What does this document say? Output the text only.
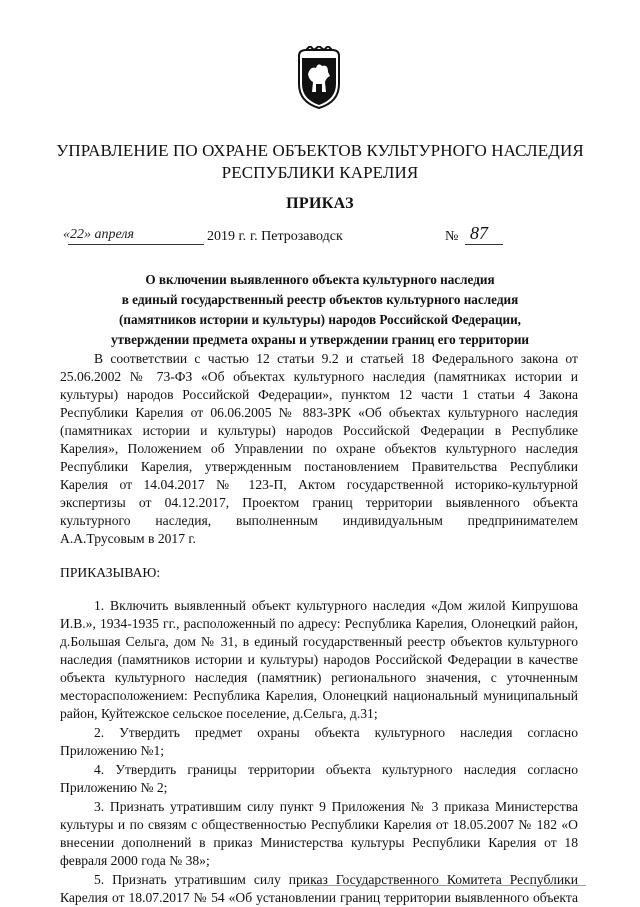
УПРАВЛЕНИЕ ПО ОХРАНЕ ОБЪЕКТОВ КУЛЬТУРНОГО НАСЛЕДИЯ
РЕСПУБЛИКИ КАРЕЛИЯ
ПРИКАЗ
«22» апреля	2019 г. г. Петрозаводск	№ 87
О включении выявленного объекта культурного наследия
в единый государственный реестр объектов культурного наследия
(памятников истории и культуры) народов Российской Федерации,
утверждении предмета охраны и утверждении границ его территории
В соответствии с частью 12 статьи 9.2 и статьей 18 Федерального закона от
25.06.2002 № 73-ФЗ «Об объектах культурного наследия (памятниках истории и
культуры) народов Российской Федерации», пунктом 12 части 1 статьи 4 Закона
Республики Карелия от 06.06.2005 № 883-ЗРК «Об объектах культурного наследия
(памятниках истории и культуры) народов Российской Федерации в Республике
Карелия», Положением об Управлении по охране объектов культурного наследия
Республики Карелия, утвержденным постановлением Правительства Республики
Карелия от 14.04.2017 № 123-П, Актом государственной историко-культурной
экспертизы от 04.12.2017, Проектом границ территории выявленного объекта
культурного наследия, выполненным индивидуальным предпринимателем
А.А.Трусовым в 2017 г.
ПРИКАЗЫВАЮ:
1. Включить выявленный объект культурного наследия «Дом жилой Кипрушова
И.В.», 1934-1935 гг., расположенный по адресу: Республика Карелия, Олонецкий район,
д.Большая Сельга, дом № 31, в единый государственный реестр объектов культурного
наследия (памятников истории и культуры) народов Российской Федерации в качестве
объекта культурного наследия (памятник) регионального значения, с уточненным
месторасположением: Республика Карелия, Олонецкий национальный муниципальный
район, Куйтежское сельское поселение, д.Сельга, д.31;
2. Утвердить предмет охраны объекта культурного наследия согласно
Приложению №1;
4. Утвердить границы территории объекта культурного наследия согласно
Приложению № 2;
3. Признать утратившим силу пункт 9 Приложения № 3 приказа Министерства
культуры и по связям с общественностью Республики Карелия от 18.05.2007 № 182 «О
внесении дополнений в приказ Министерства культуры Республики Карелия от 18
февраля 2000 года № 38»;
5. Признать утратившим силу приказ Государственного Комитета Республики
Карелия от 18.07.2017 № 54 «Об установлении границ территории выявленного объекта
